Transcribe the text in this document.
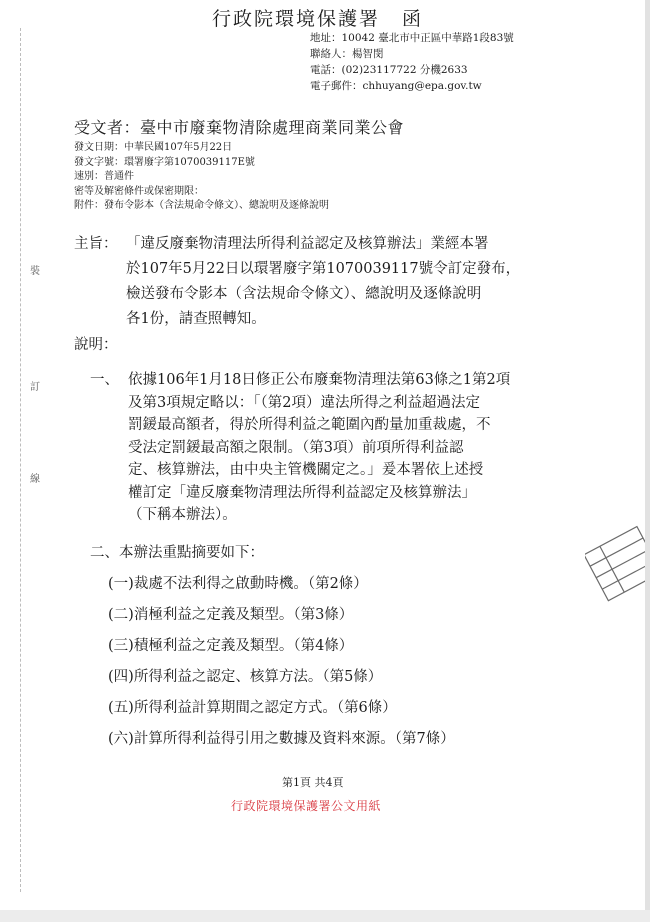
裝
訂
線
行政院環境保護署 函
地址：10042 臺北市中正區中華路1段83號
聯絡人：楊智閔
電話：(02)23117722 分機2633
電子郵件：chhuyang@epa.gov.tw
受文者：臺中市廢棄物清除處理商業同業公會
發文日期：中華民國107年5月22日
發文字號：環署廢字第1070039117E號
速別：普通件
密等及解密條件或保密期限：
附件：發布令影本（含法規命令條文）、總說明及逐條說明
主旨： 「違反廢棄物清理法所得利益認定及核算辦法」業經本署
於107年5月22日以環署廢字第1070039117號令訂定發布，
檢送發布令影本（含法規命令條文）、總說明及逐條說明
各1份，請查照轉知。
說明：
一、 依據106年1月18日修正公布廢棄物清理法第63條之1第2項
及第3項規定略以：「（第2項）違法所得之利益超過法定
罰鍰最高額者，得於所得利益之範圍內酌量加重裁處，不
受法定罰鍰最高額之限制。（第3項）前項所得利益認
定、核算辦法，由中央主管機關定之。」爰本署依上述授
權訂定「違反廢棄物清理法所得利益認定及核算辦法」
（下稱本辦法）。
二、本辦法重點摘要如下：
(一)裁處不法利得之啟動時機。（第2條）
(二)消極利益之定義及類型。（第3條）
(三)積極利益之定義及類型。（第4條）
(四)所得利益之認定、核算方法。（第5條）
(五)所得利益計算期間之認定方式。（第6條）
(六)計算所得利益得引用之數據及資料來源。（第7條）
第1頁 共4頁
行政院環境保護署公文用紙
